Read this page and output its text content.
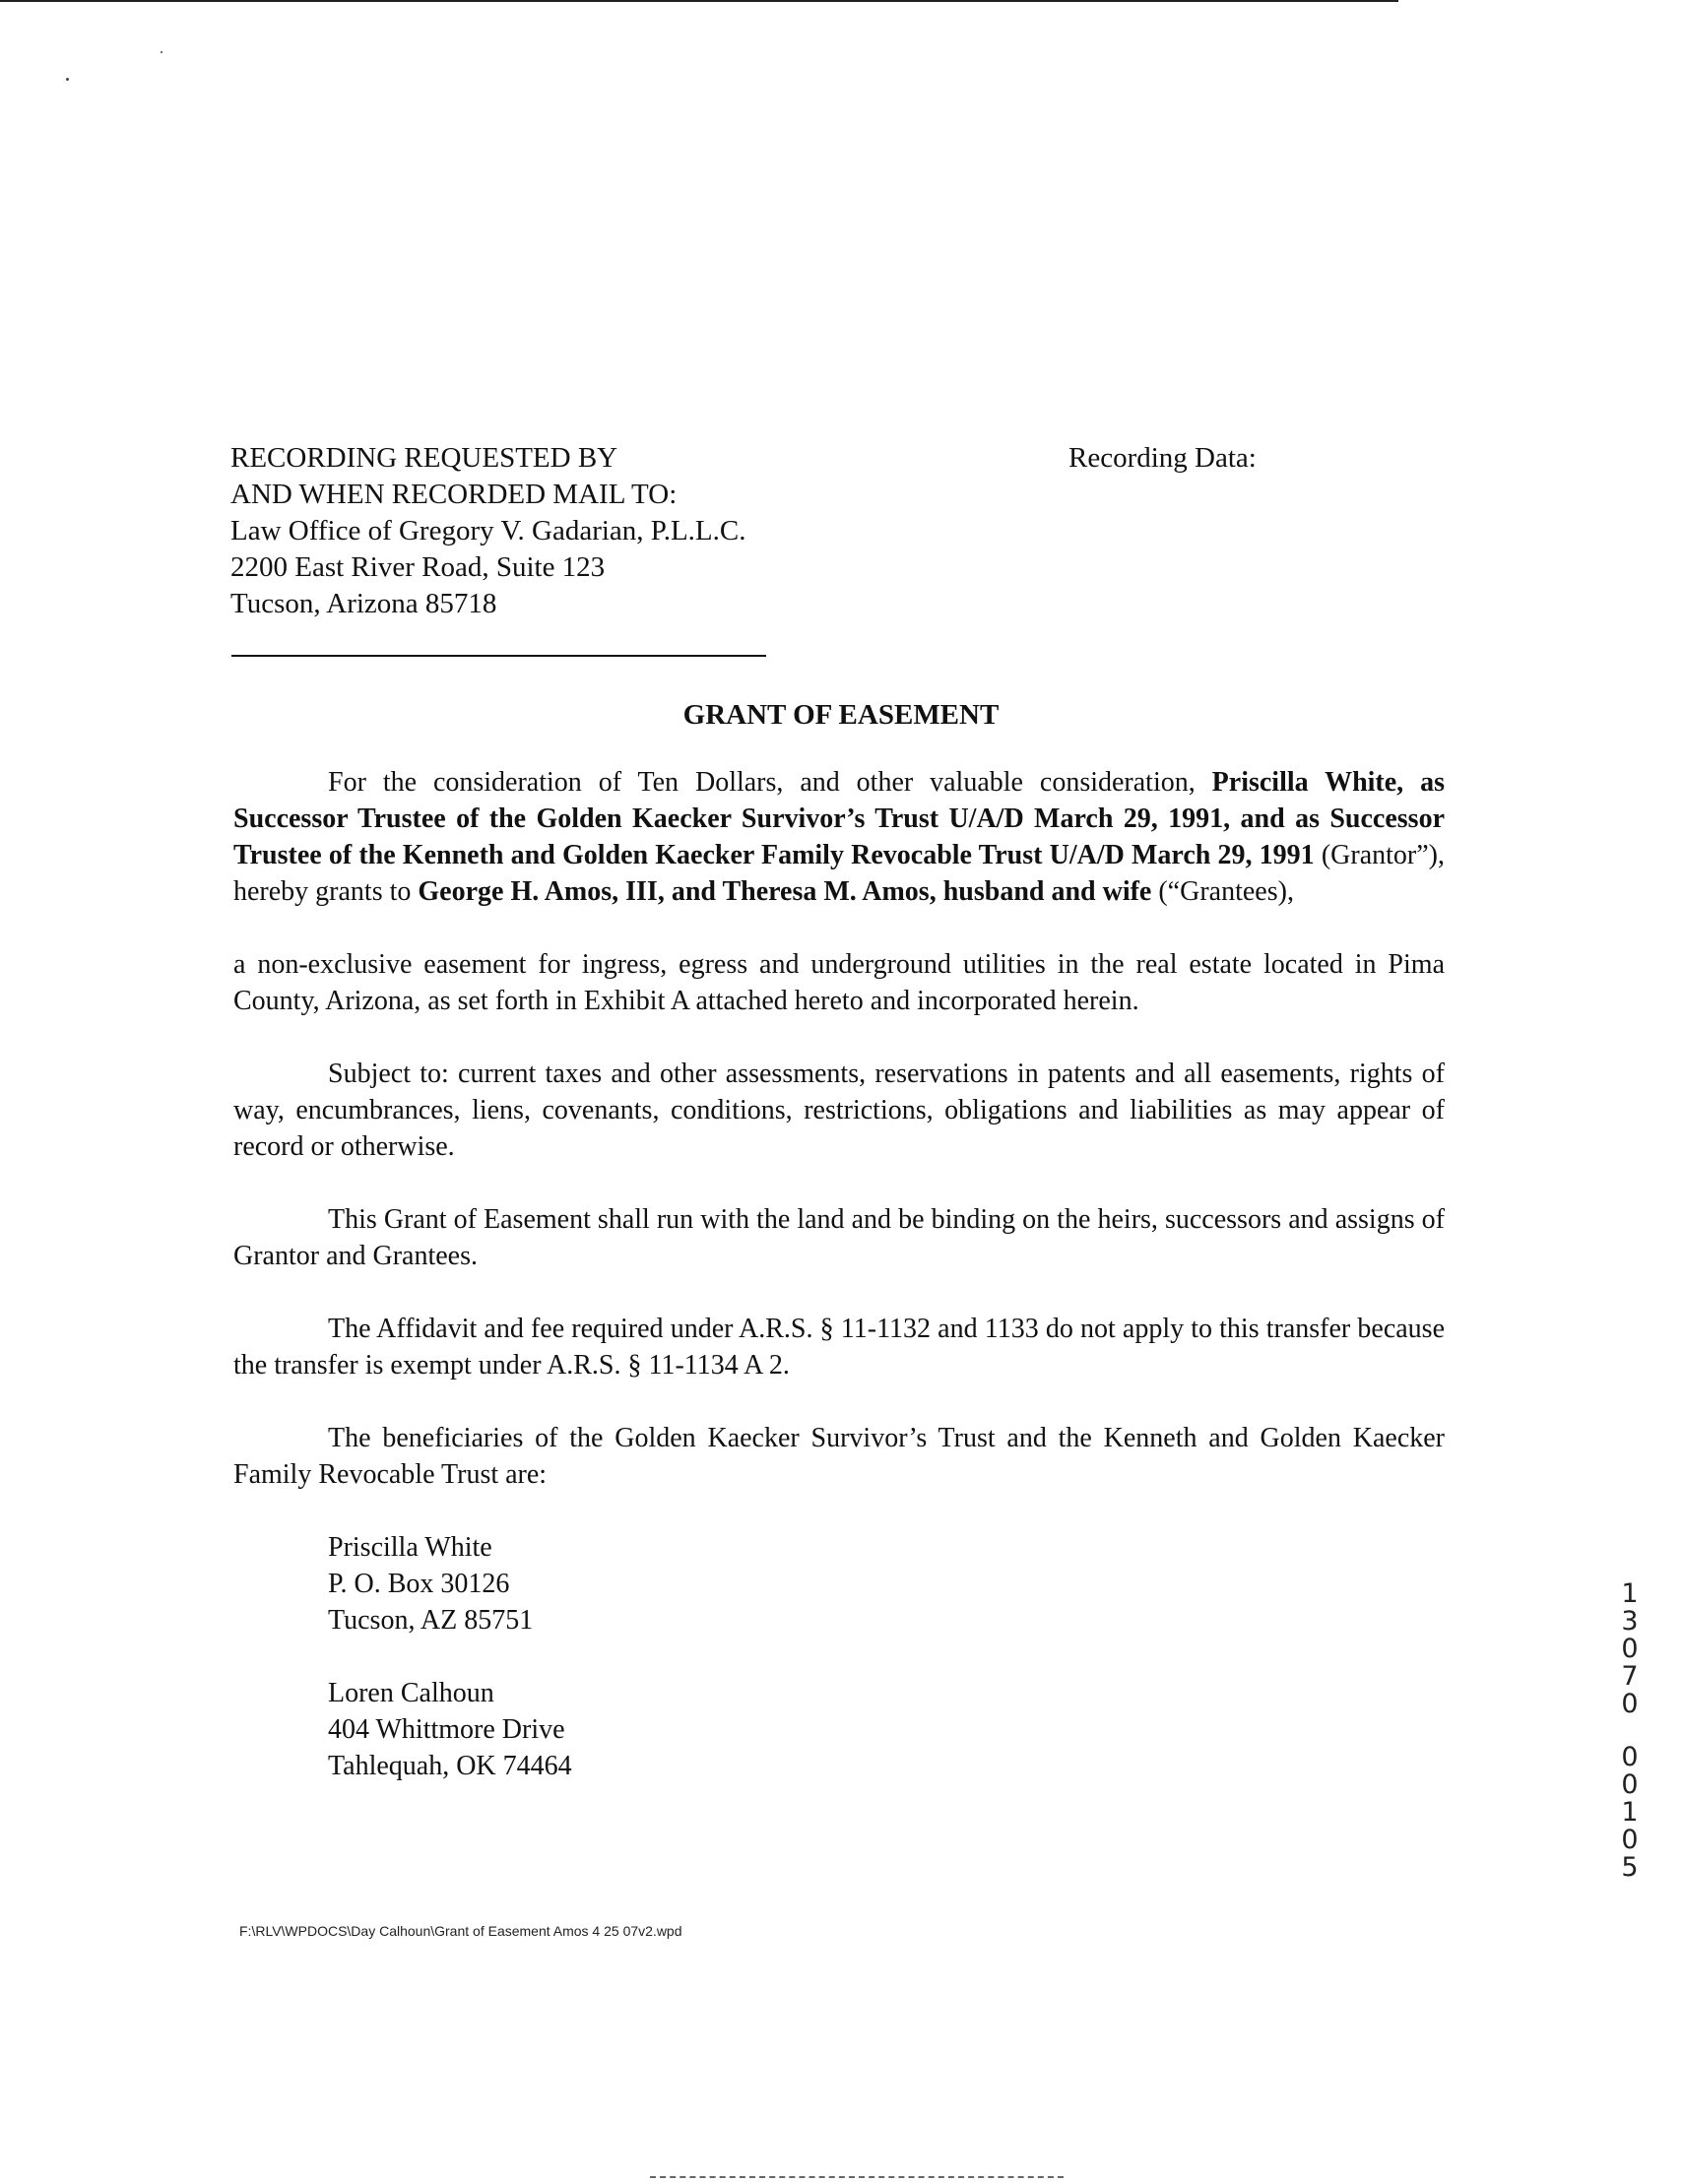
RECORDING REQUESTED BY
AND WHEN RECORDED MAIL TO:
Law Office of Gregory V. Gadarian, P.L.L.C.
2200 East River Road, Suite 123
Tucson, Arizona 85718
Recording Data:
GRANT OF EASEMENT

For the consideration of Ten Dollars, and other valuable consideration, Priscilla White, as Successor Trustee of the Golden Kaecker Survivor’s Trust U/A/D March 29, 1991, and as Successor Trustee of the Kenneth and Golden Kaecker Family Revocable Trust U/A/D March 29, 1991 (Grantor”), hereby grants to George H. Amos, III, and Theresa M. Amos, husband and wife (“Grantees),

a non-exclusive easement for ingress, egress and underground utilities in the real estate located in Pima County, Arizona, as set forth in Exhibit A attached hereto and incorporated herein.

Subject to: current taxes and other assessments, reservations in patents and all easements, rights of way, encumbrances, liens, covenants, conditions, restrictions, obligations and liabilities as may appear of record or otherwise.

This Grant of Easement shall run with the land and be binding on the heirs, successors and assigns of Grantor and Grantees.

The Affidavit and fee required under A.R.S. § 11-1132 and 1133 do not apply to this transfer because the transfer is exempt under A.R.S. § 11-1134 A 2.

The beneficiaries of the Golden Kaecker Survivor’s Trust and the Kenneth and Golden Kaecker Family Revocable Trust are:

Priscilla White
P. O. Box 30126
Tucson, AZ 85751
Loren Calhoun
404 Whittmore Drive
Tahlequah, OK 74464
1
3
0
7
0
0
0
1
0
5
F:\RLV\WPDOCS\Day Calhoun\Grant of Easement Amos 4 25 07v2.wpd
